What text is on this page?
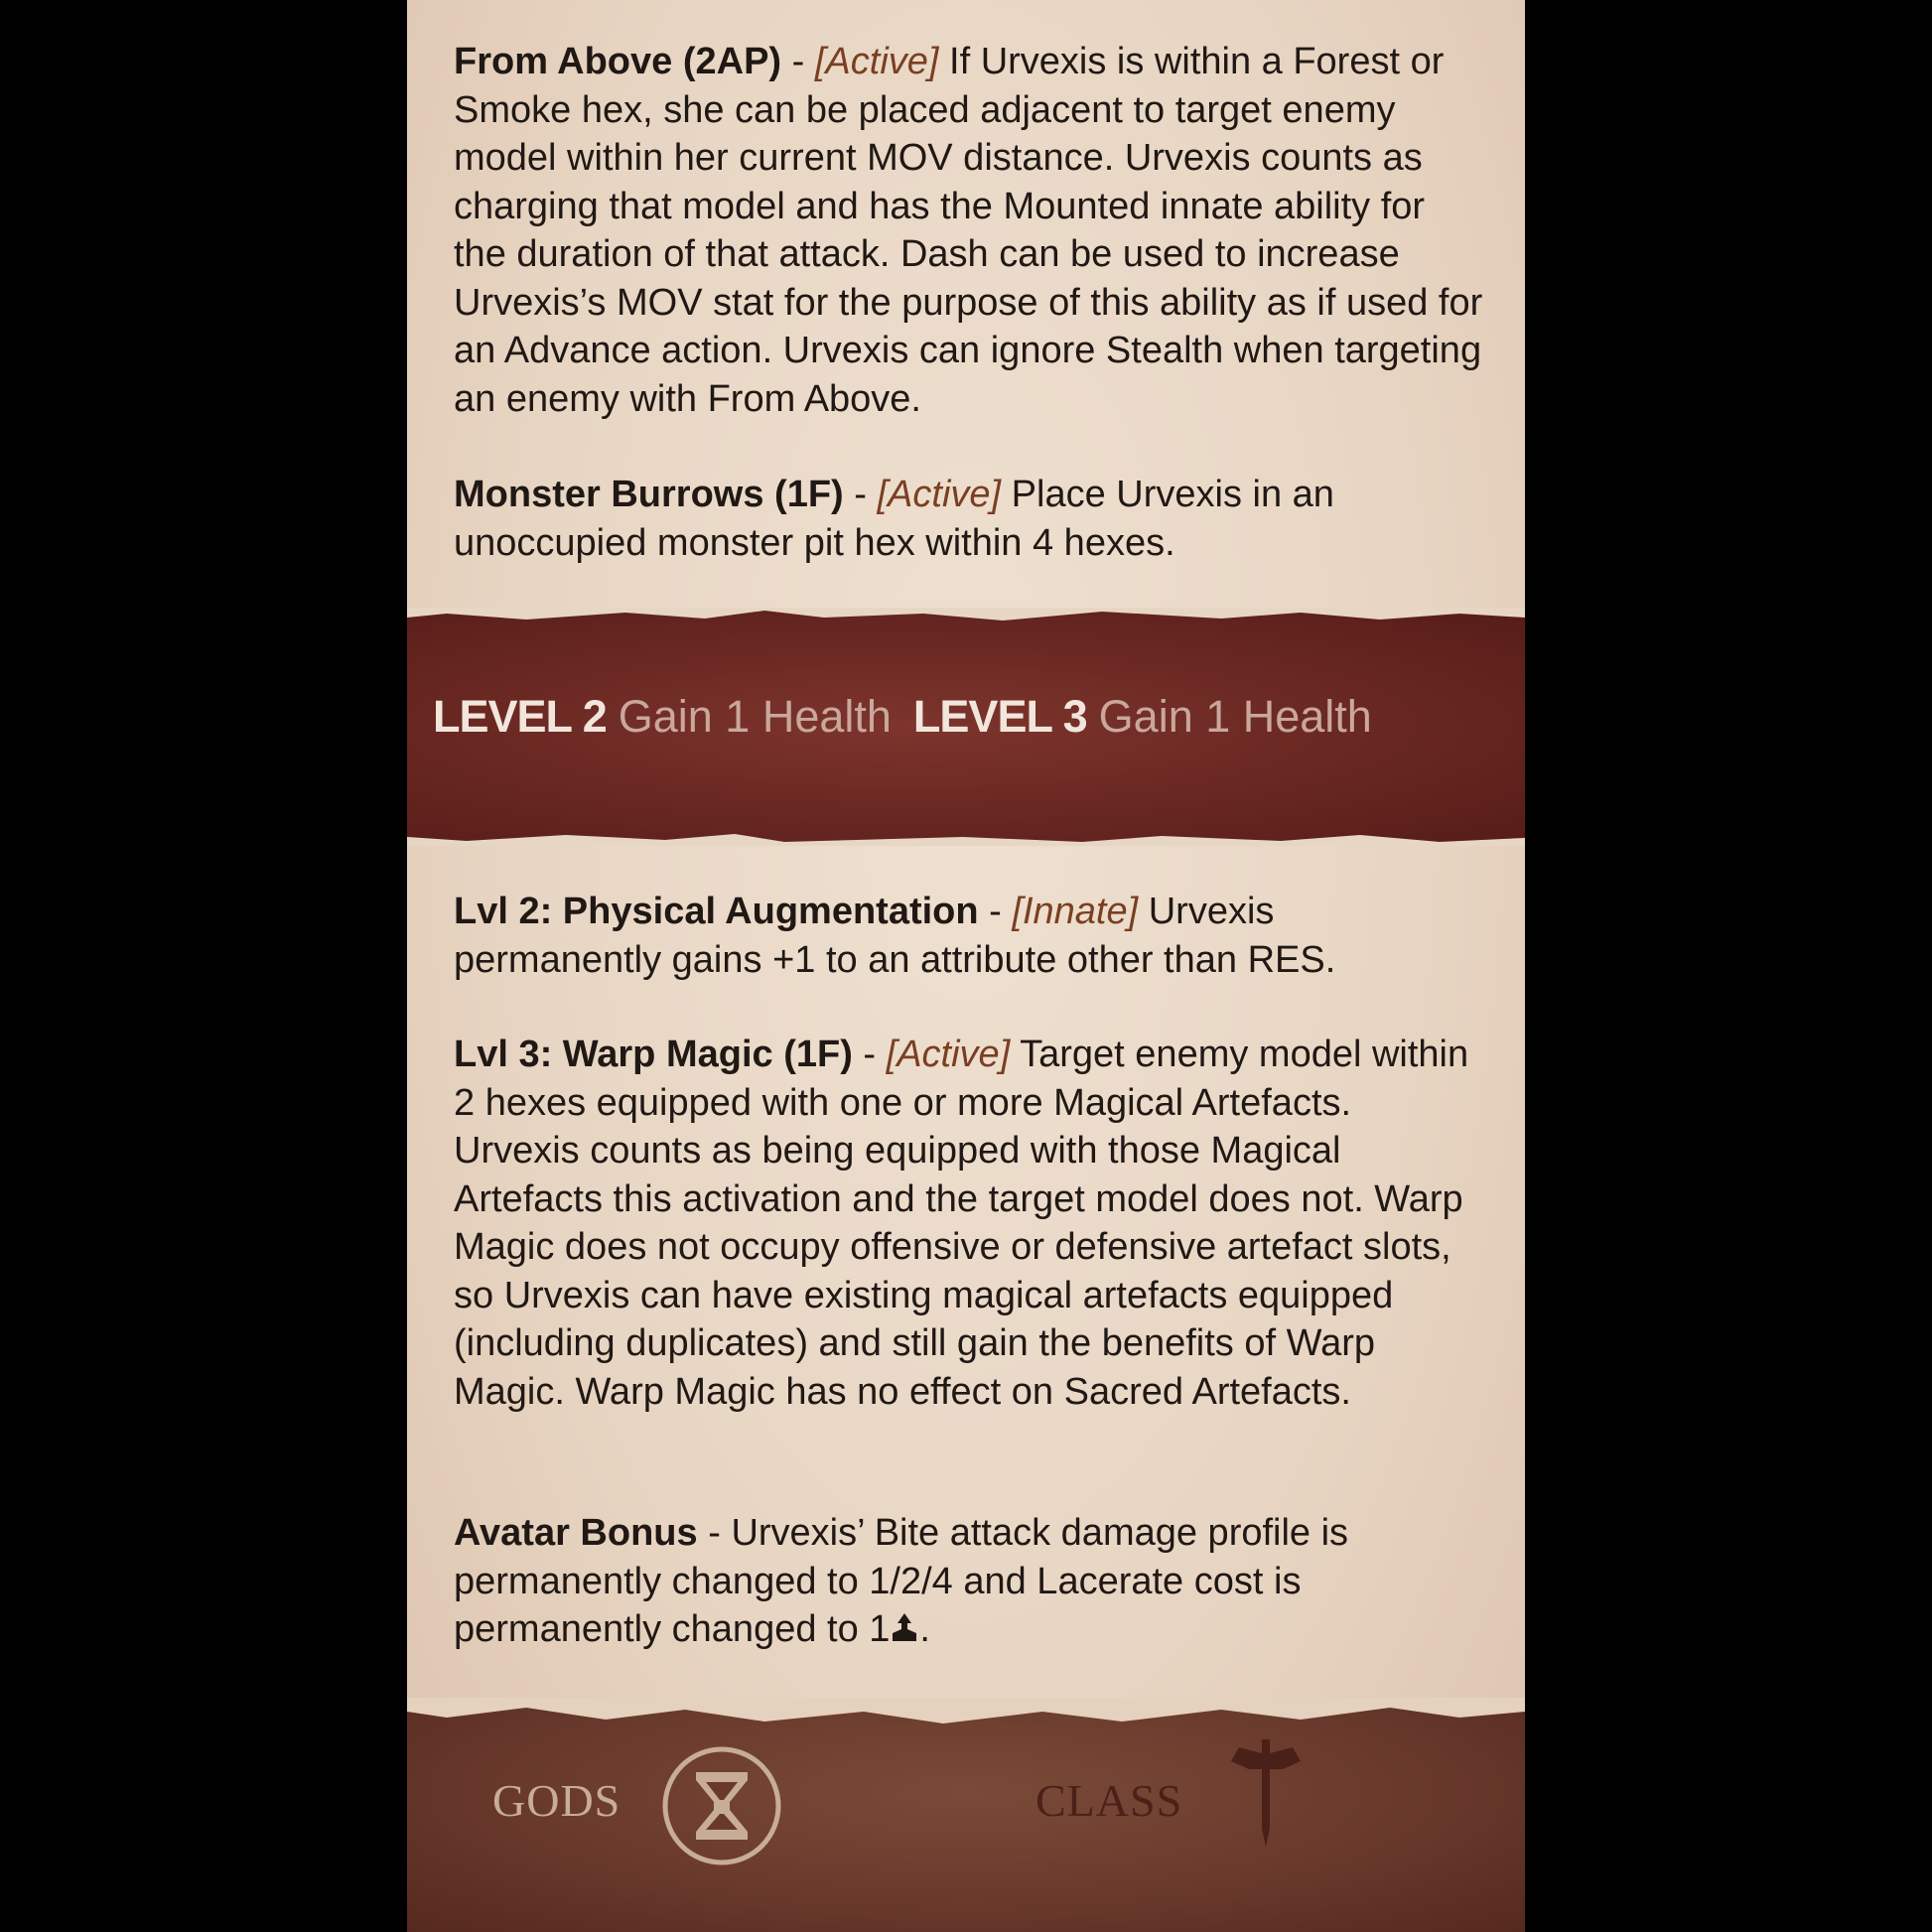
From Above (2AP) - [Active] If Urvexis is within a Forest or Smoke hex, she can be placed adjacent to target enemy model within her current MOV distance. Urvexis counts as charging that model and has the Mounted innate ability for the duration of that attack. Dash can be used to increase Urvexis’s MOV stat for the purpose of this ability as if used for an Advance action. Urvexis can ignore Stealth when targeting an enemy with From Above.

Monster Burrows (1F) - [Active] Place Urvexis in an unoccupied monster pit hex within 4 hexes.

LEVEL 2 Gain 1 Health LEVEL 3 Gain 1 Health

Lvl 2: Physical Augmentation - [Innate] Urvexis permanently gains +1 to an attribute other than RES.

Lvl 3: Warp Magic (1F) - [Active] Target enemy model within 2 hexes equipped with one or more Magical Artefacts. Urvexis counts as being equipped with those Magical Artefacts this activation and the target model does not. Warp Magic does not occupy offensive or defensive artefact slots, so Urvexis can have existing magical artefacts equipped (including duplicates) and still gain the benefits of Warp Magic. Warp Magic has no effect on Sacred Artefacts.

Avatar Bonus - Urvexis’ Bite attack damage profile is permanently changed to 1/2/4 and Lacerate cost is permanently changed to 1 .

GODS	CLASS
